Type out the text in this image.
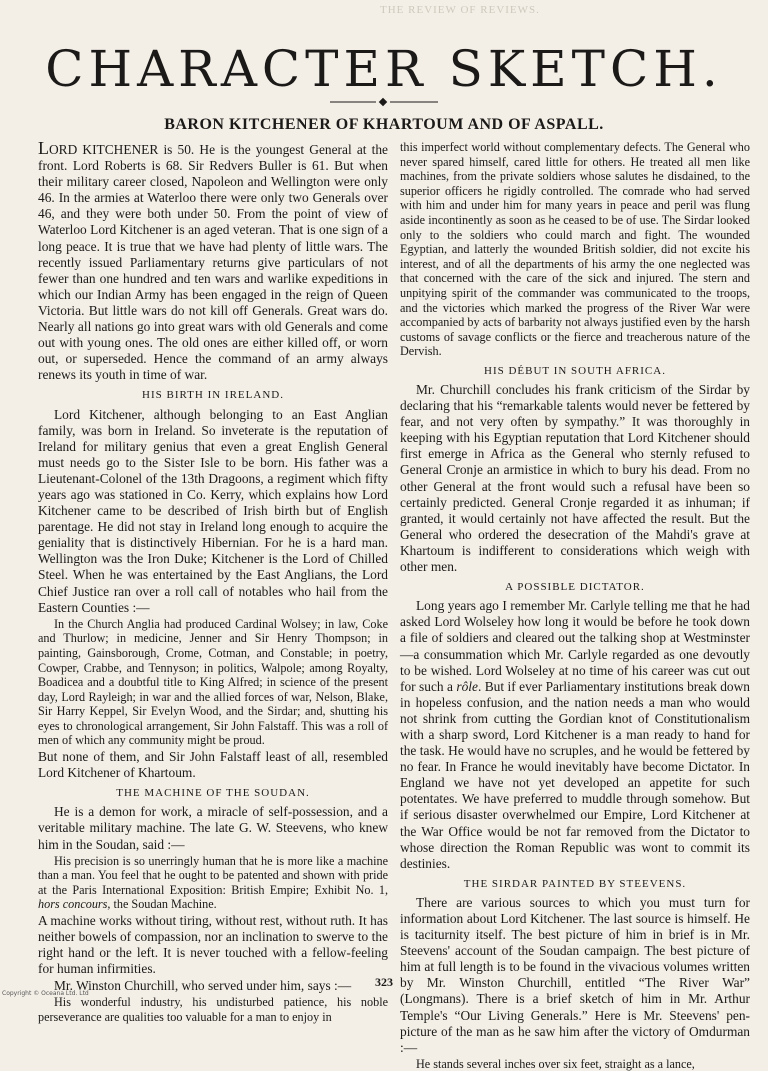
THE REVIEW OF REVIEWS.
CHARACTER SKETCH.
BARON KITCHENER OF KHARTOUM AND OF ASPALL.

LORD KITCHENER is 50. He is the youngest General at the front. Lord Roberts is 68. Sir Redvers Buller is 61. But when their military career closed, Napoleon and Wellington were only 46. In the armies at Waterloo there were only two Generals over 46, and they were both under 50. From the point of view of Waterloo Lord Kitchener is an aged veteran. That is one sign of a long peace. It is true that we have had plenty of little wars. The recently issued Parliamentary returns give particulars of not fewer than one hundred and ten wars and warlike expeditions in which our Indian Army has been engaged in the reign of Queen Victoria. But little wars do not kill off Generals. Great wars do. Nearly all nations go into great wars with old Generals and come out with young ones. The old ones are either killed off, or worn out, or superseded. Hence the command of an army always renews its youth in time of war.

HIS BIRTH IN IRELAND.

Lord Kitchener, although belonging to an East Anglian family, was born in Ireland. So inveterate is the reputation of Ireland for military genius that even a great English General must needs go to the Sister Isle to be born. His father was a Lieutenant-Colonel of the 13th Dragoons, a regiment which fifty years ago was stationed in Co. Kerry, which explains how Lord Kitchener came to be described of Irish birth but of English parentage. He did not stay in Ireland long enough to acquire the geniality that is distinctively Hibernian. For he is a hard man. Wellington was the Iron Duke; Kitchener is the Lord of Chilled Steel. When he was entertained by the East Anglians, the Lord Chief Justice ran over a roll call of notables who hail from the Eastern Counties :—

In the Church Anglia had produced Cardinal Wolsey; in law, Coke and Thurlow; in medicine, Jenner and Sir Henry Thompson; in painting, Gainsborough, Crome, Cotman, and Constable; in poetry, Cowper, Crabbe, and Tennyson; in politics, Walpole; among Royalty, Boadicea and a doubtful title to King Alfred; in science of the present day, Lord Rayleigh; in war and the allied forces of war, Nelson, Blake, Sir Harry Keppel, Sir Evelyn Wood, and the Sirdar; and, shutting his eyes to chronological arrangement, Sir John Falstaff. This was a roll of men of which any community might be proud.

But none of them, and Sir John Falstaff least of all, resembled Lord Kitchener of Khartoum.

THE MACHINE OF THE SOUDAN.

He is a demon for work, a miracle of self-possession, and a veritable military machine. The late G. W. Steevens, who knew him in the Soudan, said :—

His precision is so unerringly human that he is more like a machine than a man. You feel that he ought to be patented and shown with pride at the Paris International Exposition: British Empire; Exhibit No. 1, hors concours, the Soudan Machine.

A machine works without tiring, without rest, without ruth. It has neither bowels of compassion, nor an inclination to swerve to the right hand or the left. It is never touched with a fellow-feeling for human infirmities.

Mr. Winston Churchill, who served under him, says :—

His wonderful industry, his undisturbed patience, his noble perseverance are qualities too valuable for a man to enjoy in

this imperfect world without complementary defects. The General who never spared himself, cared little for others. He treated all men like machines, from the private soldiers whose salutes he disdained, to the superior officers he rigidly controlled. The comrade who had served with him and under him for many years in peace and peril was flung aside incontinently as soon as he ceased to be of use. The Sirdar looked only to the soldiers who could march and fight. The wounded Egyptian, and latterly the wounded British soldier, did not excite his interest, and of all the departments of his army the one neglected was that concerned with the care of the sick and injured. The stern and unpitying spirit of the commander was communicated to the troops, and the victories which marked the progress of the River War were accompanied by acts of barbarity not always justified even by the harsh customs of savage conflicts or the fierce and treacherous nature of the Dervish.

HIS DÉBUT IN SOUTH AFRICA.

Mr. Churchill concludes his frank criticism of the Sirdar by declaring that his “remarkable talents would never be fettered by fear, and not very often by sympathy.” It was thoroughly in keeping with his Egyptian reputation that Lord Kitchener should first emerge in Africa as the General who sternly refused to General Cronje an armistice in which to bury his dead. From no other General at the front would such a refusal have been so certainly predicted. General Cronje regarded it as inhuman; if granted, it would certainly not have affected the result. But the General who ordered the desecration of the Mahdi's grave at Khartoum is indifferent to considerations which weigh with other men.

A POSSIBLE DICTATOR.

Long years ago I remember Mr. Carlyle telling me that he had asked Lord Wolseley how long it would be before he took down a file of soldiers and cleared out the talking shop at Westminster—a consummation which Mr. Carlyle regarded as one devoutly to be wished. Lord Wolseley at no time of his career was cut out for such a rôle. But if ever Parliamentary institutions break down in hopeless confusion, and the nation needs a man who would not shrink from cutting the Gordian knot of Constitutionalism with a sharp sword, Lord Kitchener is a man ready to hand for the task. He would have no scruples, and he would be fettered by no fear. In France he would inevitably have become Dictator. In England we have not yet developed an appetite for such potentates. We have preferred to muddle through somehow. But if serious disaster overwhelmed our Empire, Lord Kitchener at the War Office would be not far removed from the Dictator to whose direction the Roman Republic was wont to commit its destinies.

THE SIRDAR PAINTED BY STEEVENS.

There are various sources to which you must turn for information about Lord Kitchener. The last source is himself. He is taciturnity itself. The best picture of him in brief is in Mr. Steevens' account of the Soudan campaign. The best picture of him at full length is to be found in the vivacious volumes written by Mr. Winston Churchill, entitled “The River War” (Longmans). There is a brief sketch of him in Mr. Arthur Temple's “Our Living Generals.” Here is Mr. Steevens' pen-picture of the man as he saw him after the victory of Omdurman :—

He stands several inches over six feet, straight as a lance,

323
Copyright © Oceana Ltd. Ltd
